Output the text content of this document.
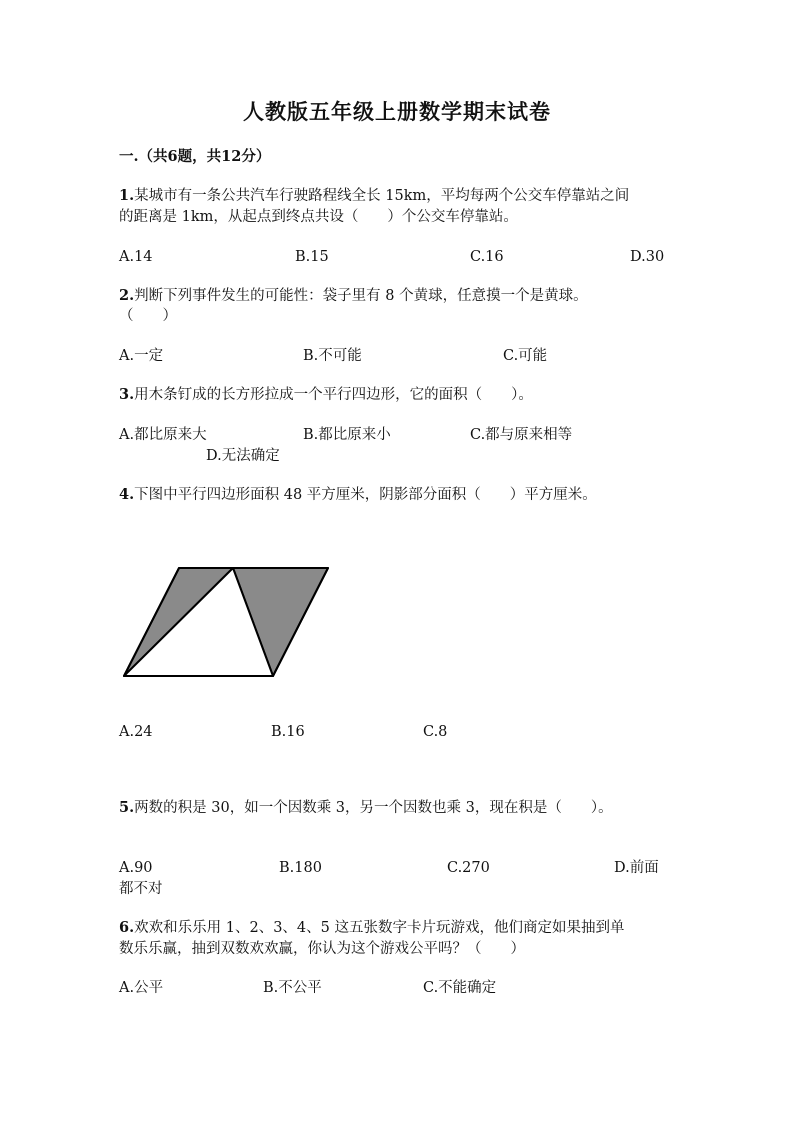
人教版五年级上册数学期末试卷
一.（共6题，共12分）
1.某城市有一条公共汽车行驶路程线全长 15km，平均每两个公交车停靠站之间
的距离是 1km，从起点到终点共设（　　）个公交车停靠站。
A.14	B.15	C.16	D.30
2.判断下列事件发生的可能性：袋子里有 8 个黄球，任意摸一个是黄球。
（　　）
A.一定	B.不可能	C.可能
3.用木条钉成的长方形拉成一个平行四边形，它的面积（　　）。
A.都比原来大	B.都比原来小	C.都与原来相等
D.无法确定
4.下图中平行四边形面积 48 平方厘米，阴影部分面积（　　）平方厘米。
A.24	B.16	C.8
5.两数的积是 30，如一个因数乘 3，另一个因数也乘 3，现在积是（　　）。
A.90	B.180	C.270	D.前面
都不对
6.欢欢和乐乐用 1、2、3、4、5 这五张数字卡片玩游戏，他们商定如果抽到单
数乐乐赢，抽到双数欢欢赢，你认为这个游戏公平吗？（　　）
A.公平	B.不公平	C.不能确定
